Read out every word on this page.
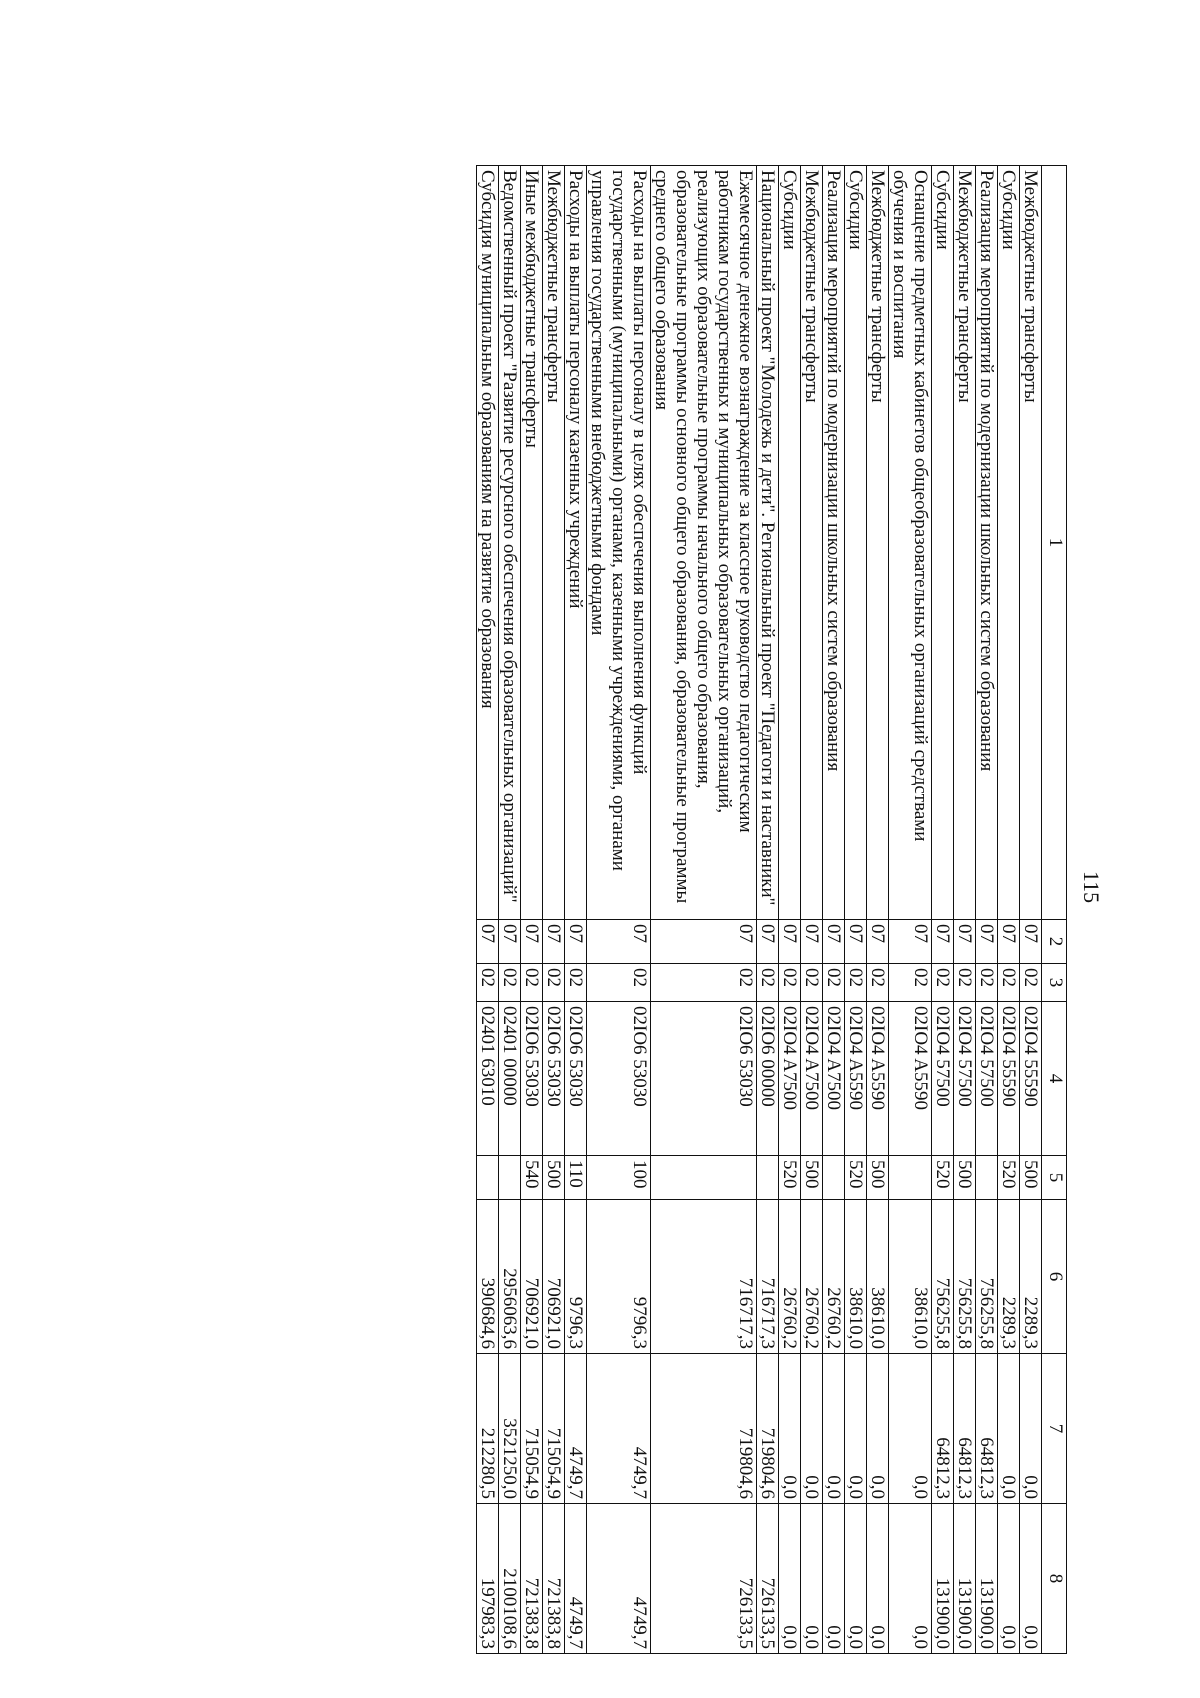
115
1	2	3	4	5	6	7	8
Межбюджетные трансферты	07	02	02IO4 55590	500	2289,3	0,0	0,0
Субсидии	07	02	02IO4 55590	520	2289,3	0,0	0,0
Реализация мероприятий по модернизации школьных систем образования	07	02	02IO4 57500		756255,8	64812,3	131900,0
Межбюджетные трансферты	07	02	02IO4 57500	500	756255,8	64812,3	131900,0
Субсидии	07	02	02IO4 57500	520	756255,8	64812,3	131900,0
Оснащение предметных кабинетов общеобразовательных организаций средствами обучения и воспитания	07	02	02IO4 A5590		38610,0	0,0	0,0
Межбюджетные трансферты	07	02	02IO4 A5590	500	38610,0	0,0	0,0
Субсидии	07	02	02IO4 A5590	520	38610,0	0,0	0,0
Реализация мероприятий по модернизации школьных систем образования	07	02	02IO4 A7500		26760,2	0,0	0,0
Межбюджетные трансферты	07	02	02IO4 A7500	500	26760,2	0,0	0,0
Субсидии	07	02	02IO4 A7500	520	26760,2	0,0	0,0
Национальный проект "Молодежь и дети". Региональный проект "Педагоги и наставники"	07	02	02IO6 00000		716717,3	719804,6	726133,5
Ежемесячное денежное вознаграждение за классное руководство педагогическим работникам государственных и муниципальных образовательных организаций, реализующих образовательные программы начального общего образования, образовательные программы основного общего образования, образовательные программы среднего общего образования	07	02	02IO6 53030		716717,3	719804,6	726133,5
Расходы на выплаты персоналу в целях обеспечения выполнения функций государственными (муниципальными) органами, казенными учреждениями, органами управления государственными внебюджетными фондами	07	02	02IO6 53030	100	9796,3	4749,7	4749,7
Расходы на выплаты персоналу казенных учреждений	07	02	02IO6 53030	110	9796,3	4749,7	4749,7
Межбюджетные трансферты	07	02	02IO6 53030	500	706921,0	715054,9	721383,8
Иные межбюджетные трансферты	07	02	02IO6 53030	540	706921,0	715054,9	721383,8
Ведомственный проект "Развитие ресурсного обеспечения образовательных организаций"	07	02	02401 00000		2956063,6	3521250,0	2100108,6
Субсидия муниципальным образованиям на развитие образования	07	02	02401 63010		390684,6	212280,5	197983,3
